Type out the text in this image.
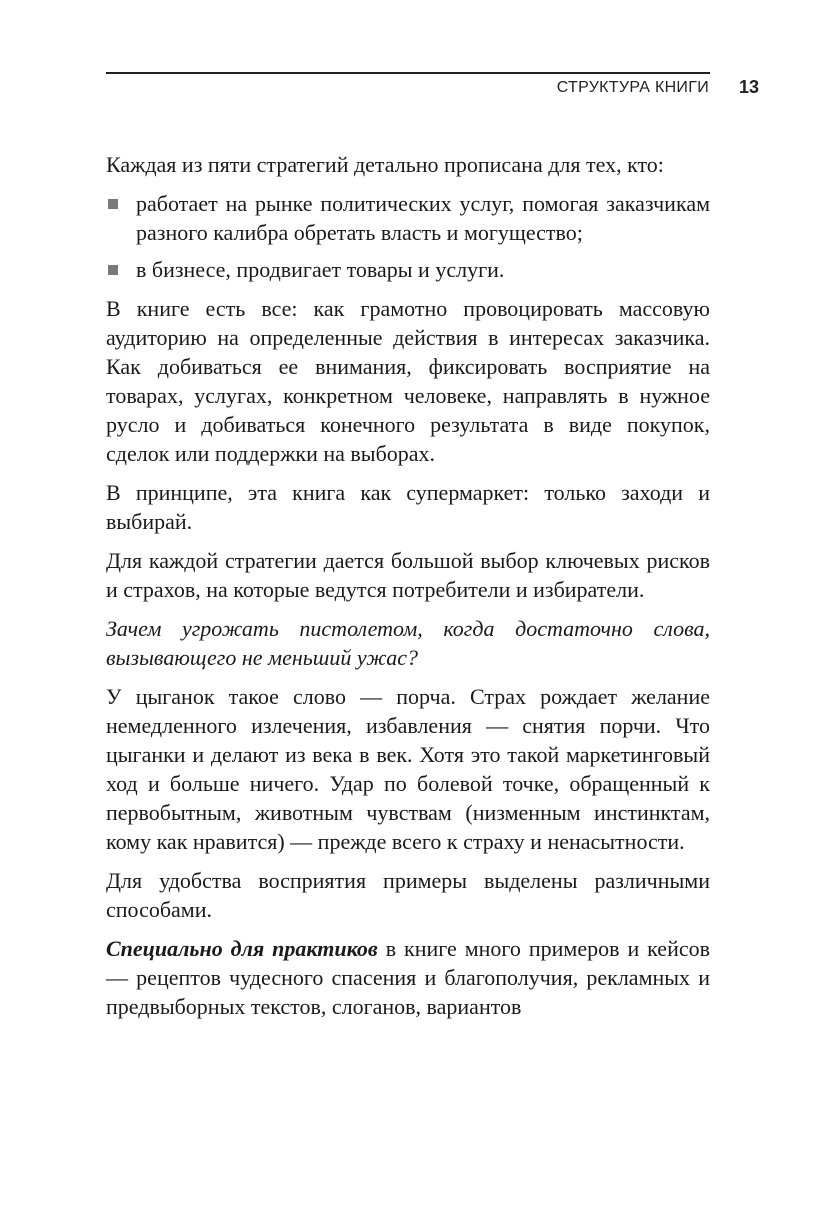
СТРУКТУРА КНИГИ 13

Каждая из пяти стратегий детально прописана для тех, кто:

работает на рынке политических услуг, помогая заказчикам разного калибра обретать власть и могущество;
в бизнесе, продвигает товары и услуги.

В книге есть все: как грамотно провоцировать массовую аудиторию на определенные действия в интересах заказчика. Как добиваться ее внимания, фиксировать восприятие на товарах, услугах, конкретном человеке, направлять в нужное русло и добиваться конечного результата в виде покупок, сделок или поддержки на выборах.

В принципе, эта книга как супермаркет: только заходи и выбирай.

Для каждой стратегии дается большой выбор ключевых рисков и страхов, на которые ведутся потребители и избиратели.

Зачем угрожать пистолетом, когда достаточно слова, вызывающего не меньший ужас?

У цыганок такое слово — порча. Страх рождает желание немедленного излечения, избавления — снятия порчи. Что цыганки и делают из века в век. Хотя это такой маркетинговый ход и больше ничего. Удар по болевой точке, обращенный к первобытным, животным чувствам (низменным инстинктам, кому как нравится) — прежде всего к страху и ненасытности.

Для удобства восприятия примеры выделены различными способами.

Специально для практиков в книге много примеров и кейсов — рецептов чудесного спасения и благополучия, рекламных и предвыборных текстов, слоганов, вариантов
